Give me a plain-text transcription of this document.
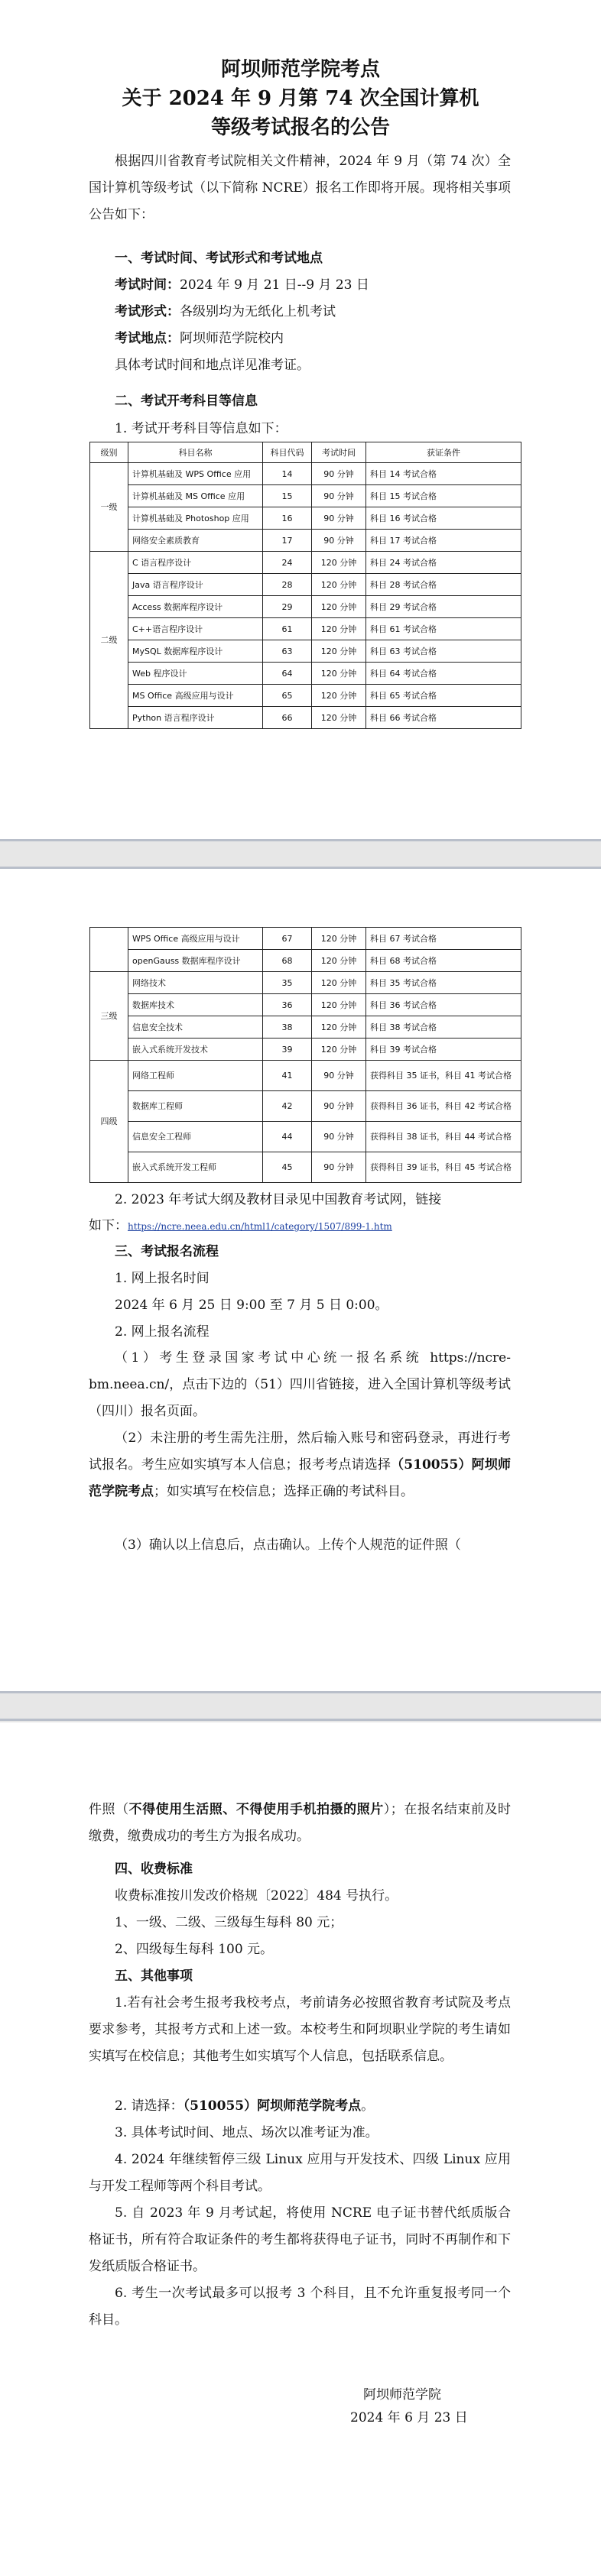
阿坝师范学院考点
关于 2024 年 9 月第 74 次全国计算机
等级考试报名的公告
根据四川省教育考试院相关文件精神，2024 年 9 月（第 74 次）全国计算机等级考试（以下简称 NCRE）报名工作即将开展。现将相关事项公告如下：
一、考试时间、考试形式和考试地点
考试时间：2024 年 9 月 21 日--9 月 23 日
考试形式：各级别均为无纸化上机考试
考试地点：阿坝师范学院校内
具体考试时间和地点详见准考证。
二、考试开考科目等信息
1. 考试开考科目等信息如下：
级别	科目名称	科目代码	考试时间	获证条件
一级	计算机基础及 WPS Office 应用	14	90 分钟	科目 14 考试合格
	计算机基础及 MS Office 应用	15	90 分钟	科目 15 考试合格
	计算机基础及 Photoshop 应用	16	90 分钟	科目 16 考试合格
	网络安全素质教育	17	90 分钟	科目 17 考试合格
二级	C 语言程序设计	24	120 分钟	科目 24 考试合格
	Java 语言程序设计	28	120 分钟	科目 28 考试合格
	Access 数据库程序设计	29	120 分钟	科目 29 考试合格
	C++语言程序设计	61	120 分钟	科目 61 考试合格
	MySQL 数据库程序设计	63	120 分钟	科目 63 考试合格
	Web 程序设计	64	120 分钟	科目 64 考试合格
	MS Office 高级应用与设计	65	120 分钟	科目 65 考试合格
	Python 语言程序设计	66	120 分钟	科目 66 考试合格
	WPS Office 高级应用与设计	67	120 分钟	科目 67 考试合格
	openGauss 数据库程序设计	68	120 分钟	科目 68 考试合格
三级	网络技术	35	120 分钟	科目 35 考试合格
	数据库技术	36	120 分钟	科目 36 考试合格
	信息安全技术	38	120 分钟	科目 38 考试合格
	嵌入式系统开发技术	39	120 分钟	科目 39 考试合格
四级	网络工程师	41	90 分钟	获得科目 35 证书，科目 41 考试合格
	数据库工程师	42	90 分钟	获得科目 36 证书，科目 42 考试合格
	信息安全工程师	44	90 分钟	获得科目 38 证书，科目 44 考试合格
	嵌入式系统开发工程师	45	90 分钟	获得科目 39 证书，科目 45 考试合格
2. 2023 年考试大纲及教材目录见中国教育考试网，链接
如下：https://ncre.neea.edu.cn/html1/category/1507/899-1.htm
三、考试报名流程
1. 网上报名时间
2024 年 6 月 25 日 9:00 至 7 月 5 日 0:00。
2. 网上报名流程
（1）考生登录国家考试中心统一报名系统 https://ncre-bm.neea.cn/，点击下边的（51）四川省链接，进入全国计算机等级考试（四川）报名页面。
（2）未注册的考生需先注册，然后输入账号和密码登录，再进行考试报名。考生应如实填写本人信息；报考考点请选择（510055）阿坝师范学院考点；如实填写在校信息；选择正确的考试科目。
（3）确认以上信息后，点击确认。上传个人规范的证件照（
件照（不得使用生活照、不得使用手机拍摄的照片）；在报名结束前及时缴费，缴费成功的考生方为报名成功。
四、收费标准
收费标准按川发改价格规〔2022〕484 号执行。
1、一级、二级、三级每生每科 80 元；
2、四级每生每科 100 元。
五、其他事项
1.若有社会考生报考我校考点，考前请务必按照省教育考试院及考点要求参考，其报考方式和上述一致。本校考生和阿坝职业学院的考生请如实填写在校信息；其他考生如实填写个人信息，包括联系信息。
2. 请选择：（510055）阿坝师范学院考点。
3. 具体考试时间、地点、场次以准考证为准。
4. 2024 年继续暂停三级 Linux 应用与开发技术、四级 Linux 应用与开发工程师等两个科目考试。
5. 自 2023 年 9 月考试起，将使用 NCRE 电子证书替代纸质版合格证书，所有符合取证条件的考生都将获得电子证书，同时不再制作和下发纸质版合格证书。
6. 考生一次考试最多可以报考 3 个科目，且不允许重复报考同一个科目。
阿坝师范学院
2024 年 6 月 23 日
